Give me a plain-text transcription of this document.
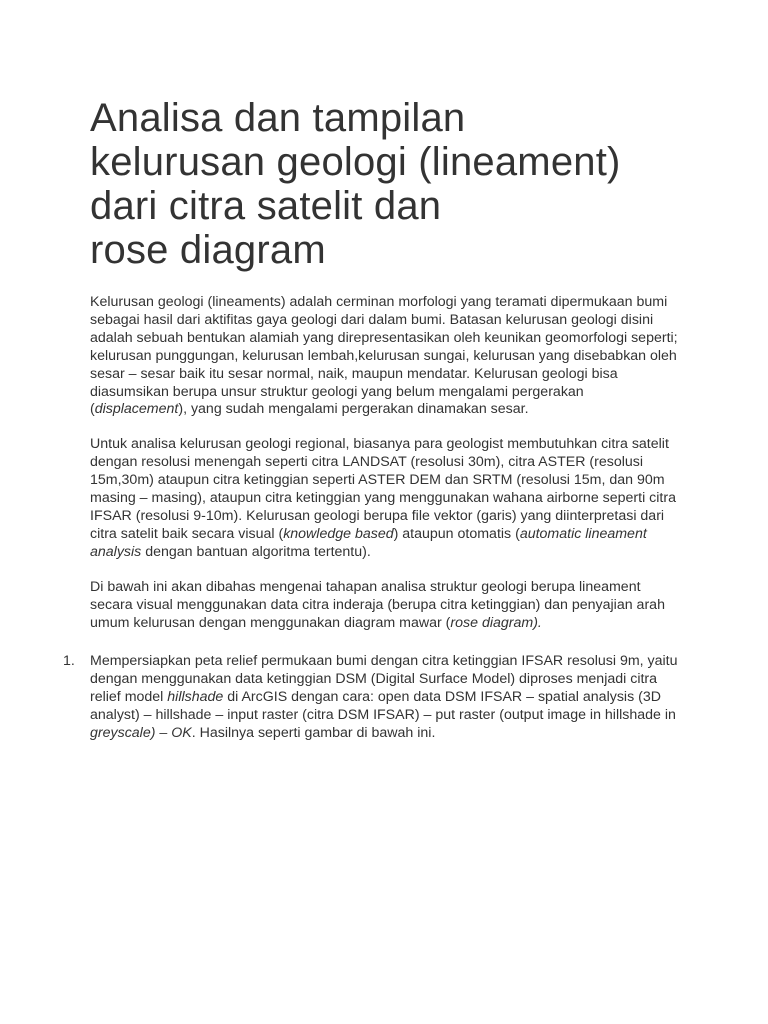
Analisa dan tampilan
kelurusan geologi (lineament)
dari citra satelit dan
rose diagram

Kelurusan geologi (lineaments) adalah cerminan morfologi yang teramati dipermukaan bumi sebagai hasil dari aktifitas gaya geologi dari dalam bumi. Batasan kelurusan geologi disini adalah sebuah bentukan alamiah yang direpresentasikan oleh keunikan geomorfologi seperti; kelurusan punggungan, kelurusan lembah,kelurusan sungai, kelurusan yang disebabkan oleh sesar – sesar baik itu sesar normal, naik, maupun mendatar. Kelurusan geologi bisa diasumsikan berupa unsur struktur geologi yang belum mengalami pergerakan (displacement), yang sudah mengalami pergerakan dinamakan sesar.

Untuk analisa kelurusan geologi regional, biasanya para geologist membutuhkan citra satelit dengan resolusi menengah seperti citra LANDSAT (resolusi 30m), citra ASTER (resolusi 15m,30m) ataupun citra ketinggian seperti ASTER DEM dan SRTM (resolusi 15m, dan 90m masing – masing), ataupun citra ketinggian yang menggunakan wahana airborne seperti citra IFSAR (resolusi 9-10m). Kelurusan geologi berupa file vektor (garis) yang diinterpretasi dari citra satelit baik secara visual (knowledge based) ataupun otomatis (automatic lineament analysis dengan bantuan algoritma tertentu).

Di bawah ini akan dibahas mengenai tahapan analisa struktur geologi berupa lineament secara visual menggunakan data citra inderaja (berupa citra ketinggian) dan penyajian arah umum kelurusan dengan menggunakan diagram mawar (rose diagram).

1. Mempersiapkan peta relief permukaan bumi dengan citra ketinggian IFSAR resolusi 9m, yaitu dengan menggunakan data ketinggian DSM (Digital Surface Model) diproses menjadi citra relief model hillshade di ArcGIS dengan cara: open data DSM IFSAR – spatial analysis (3D analyst) – hillshade – input raster (citra DSM IFSAR) – put raster (output image in hillshade in greyscale) – OK. Hasilnya seperti gambar di bawah ini.
